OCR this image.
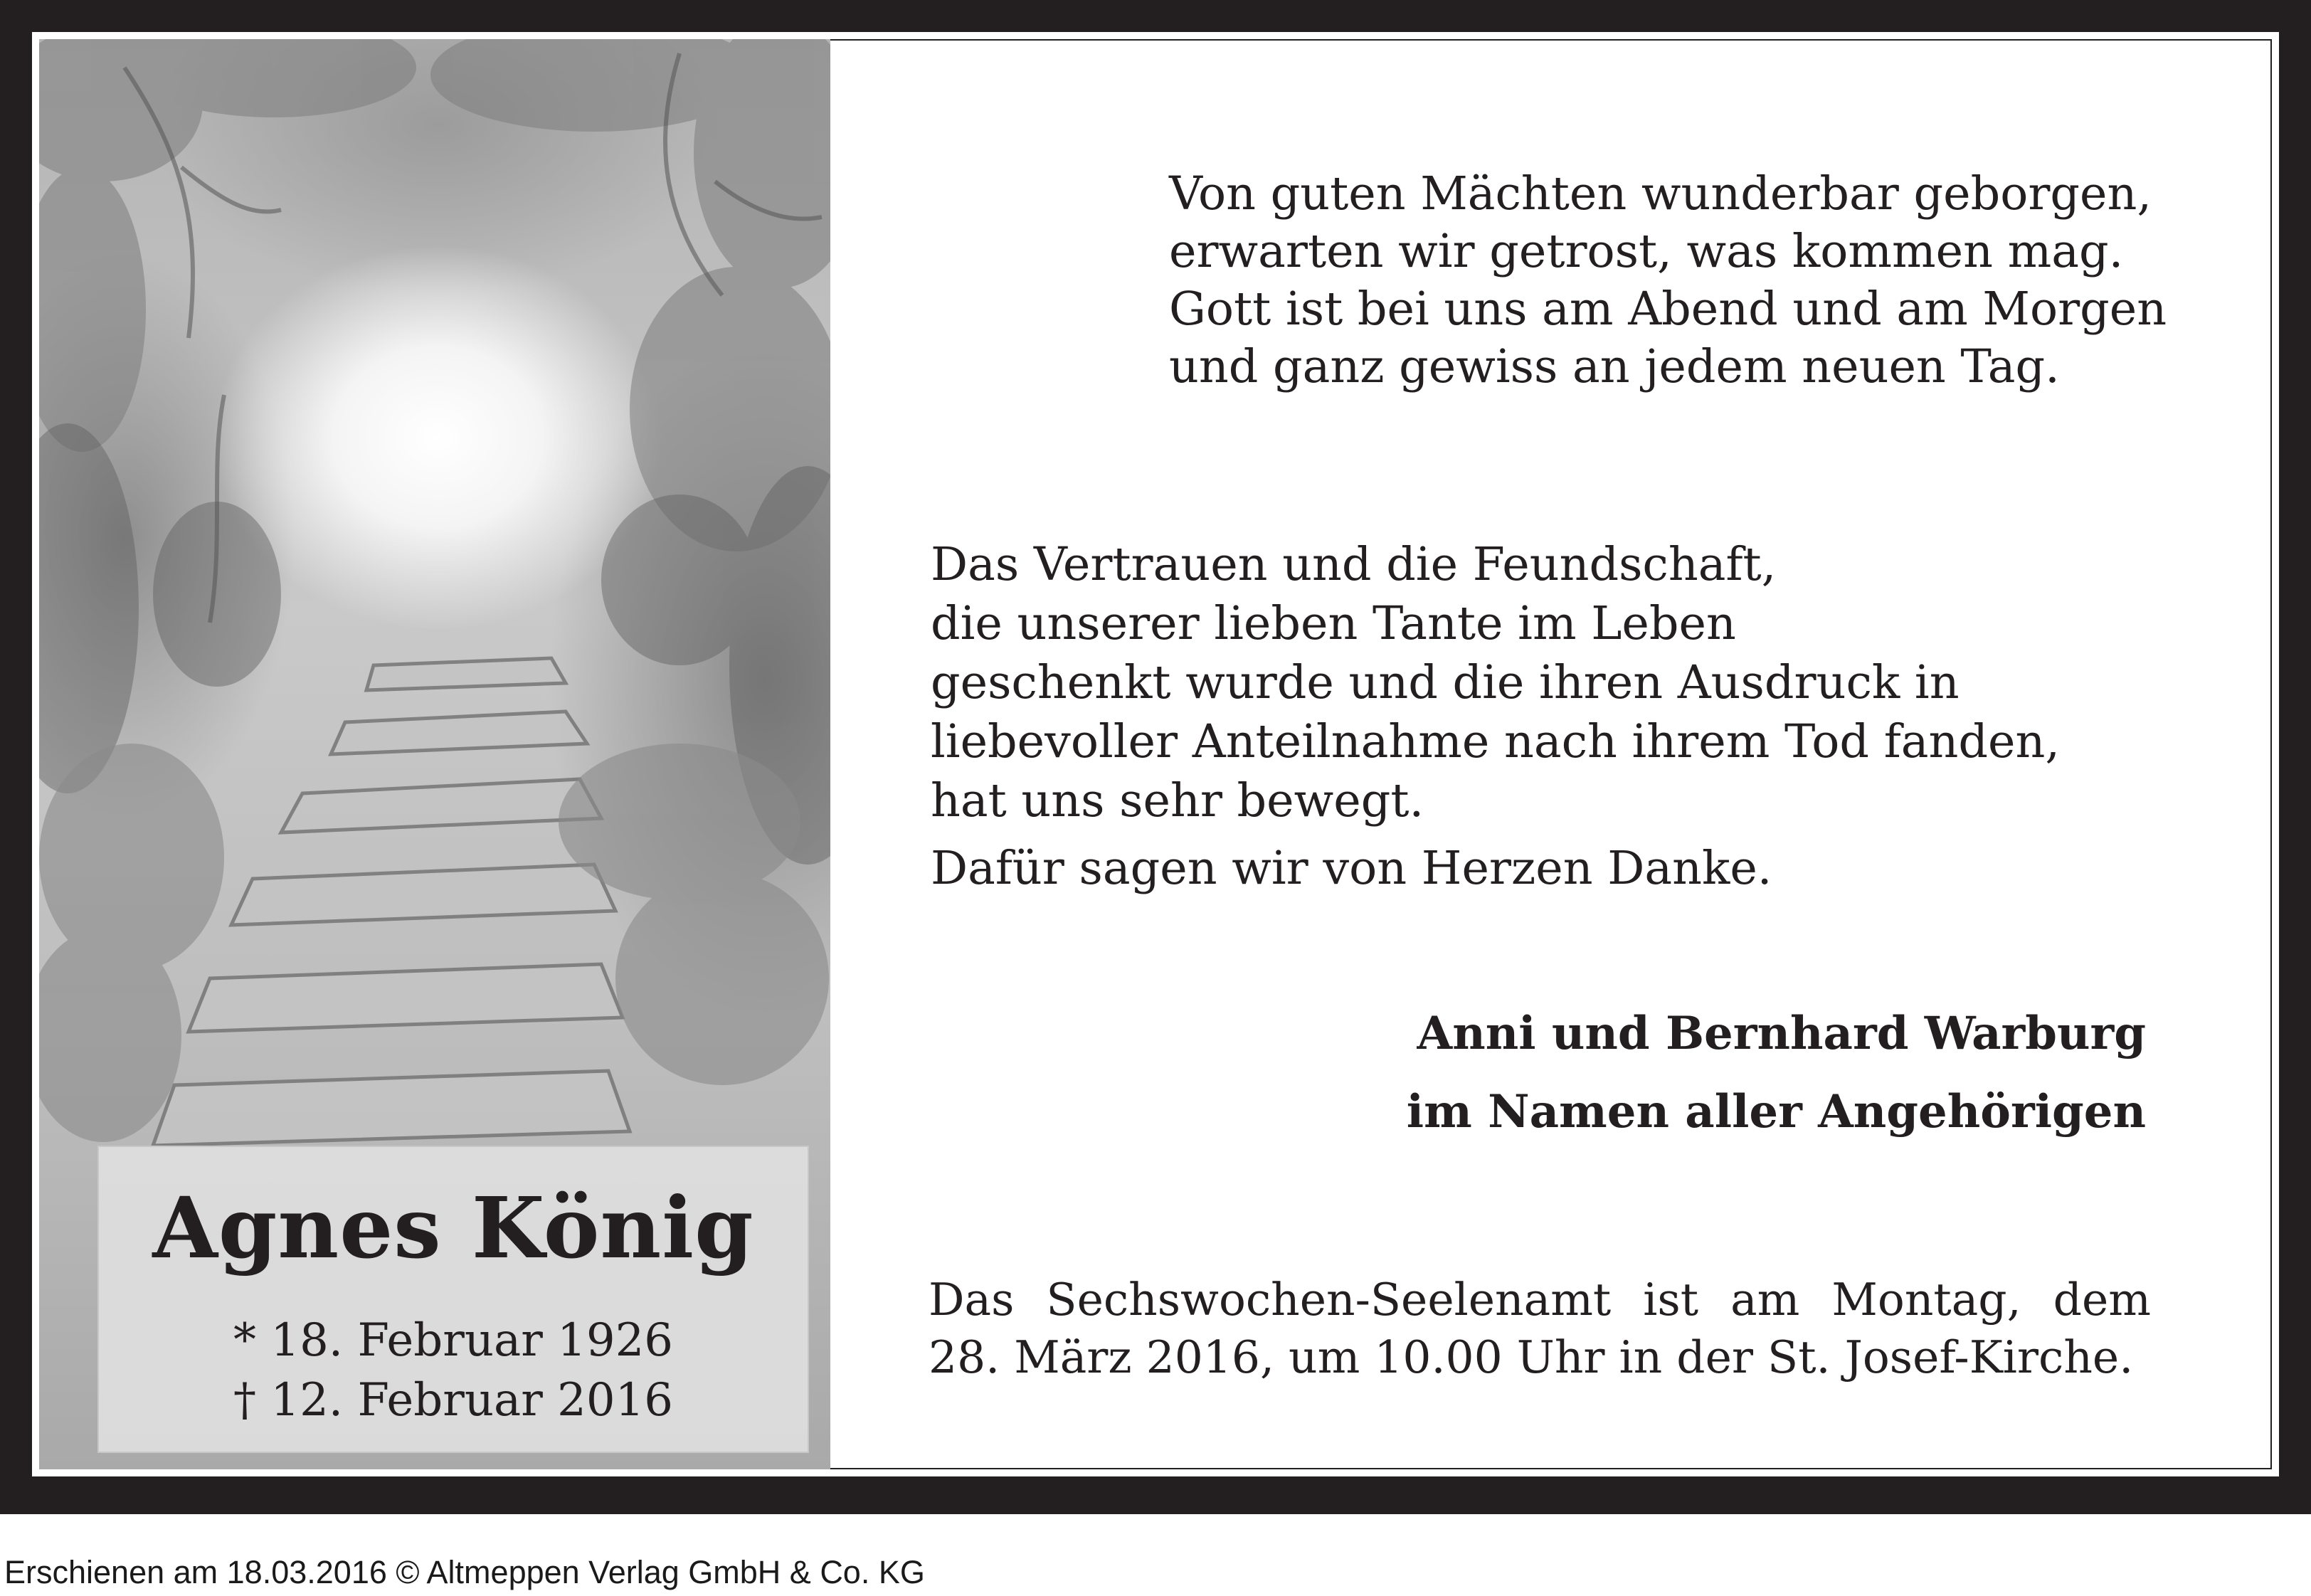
Agnes König
* 18. Februar 1926
† 12. Februar 2016
Von guten Mächten wunderbar geborgen,
erwarten wir getrost, was kommen mag.
Gott ist bei uns am Abend und am Morgen
und ganz gewiss an jedem neuen Tag.
Das Vertrauen und die Feundschaft,
die unserer lieben Tante im Leben
geschenkt wurde und die ihren Ausdruck in
liebevoller Anteilnahme nach ihrem Tod fanden,
hat uns sehr bewegt.
Dafür sagen wir von Herzen Danke.
Anni und Bernhard Warburg
im Namen aller Angehörigen
Das Sechswochen-Seelenamt ist am Montag, dem
28. März 2016, um 10.00 Uhr in der St. Josef-Kirche.
Erschienen am 18.03.2016 © Altmeppen Verlag GmbH & Co. KG
